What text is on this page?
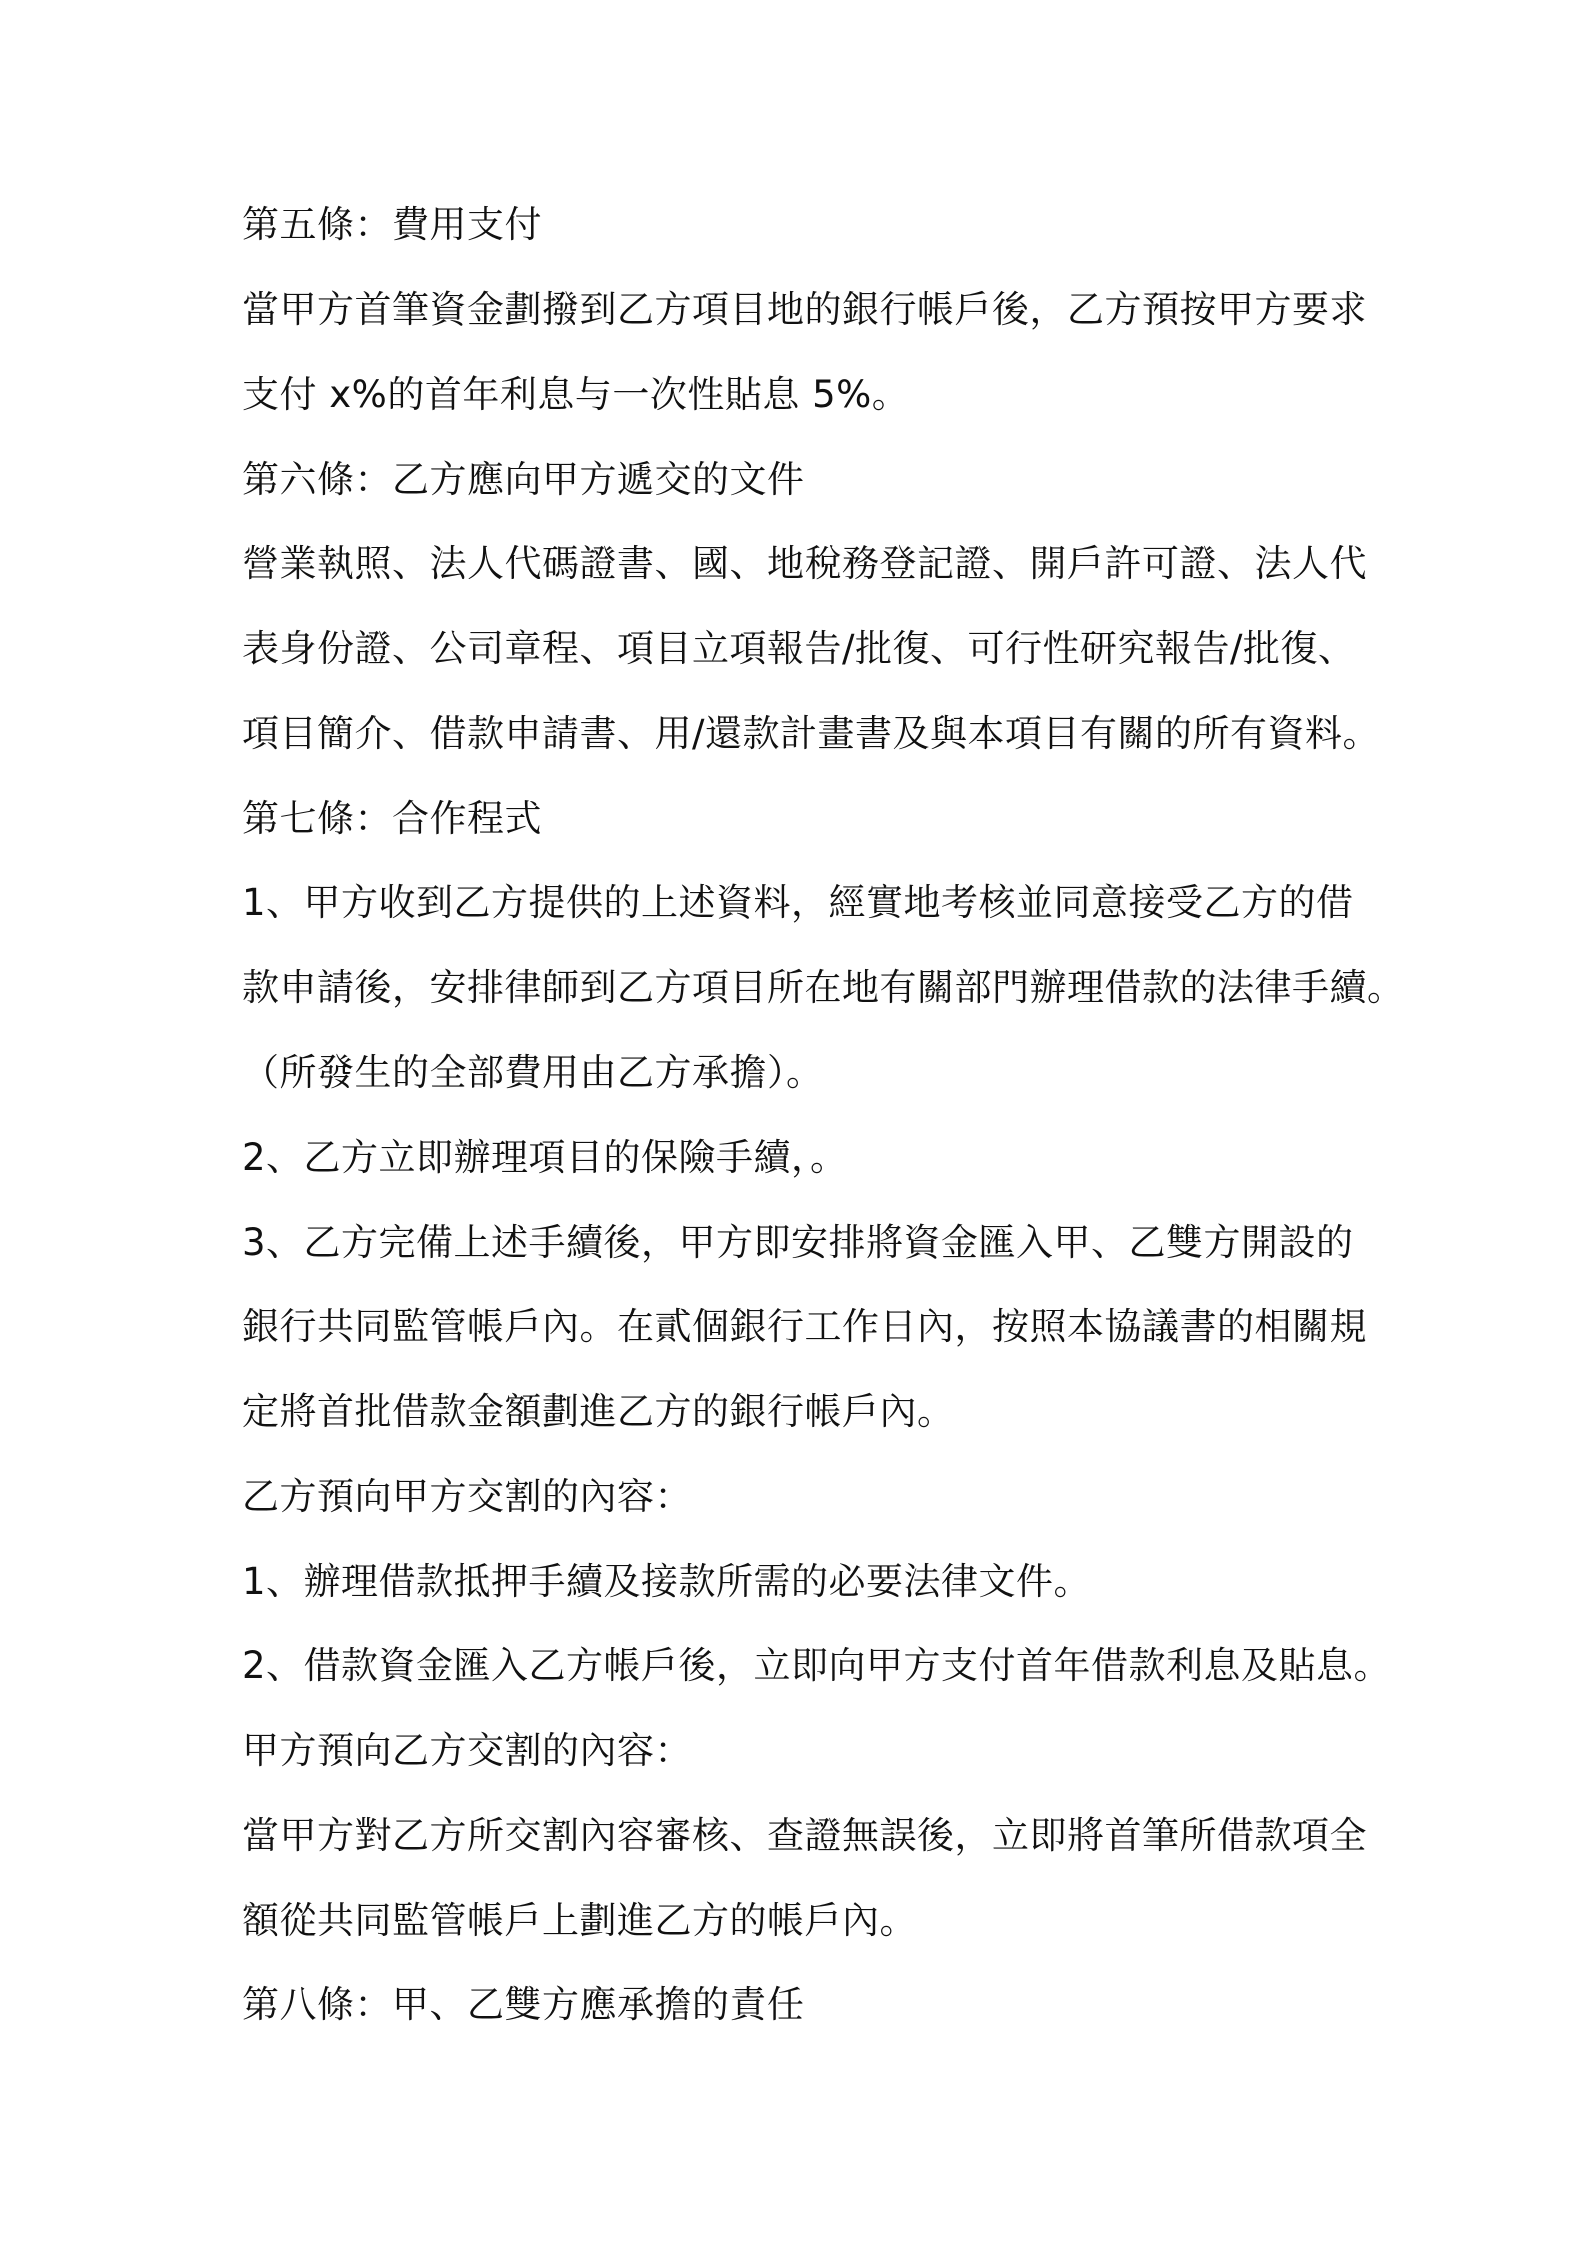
第五條：費用支付
當甲方首筆資金劃撥到乙方項目地的銀行帳戶後，乙方預按甲方要求
支付 x%的首年利息与一次性貼息 5%。
第六條：乙方應向甲方遞交的文件
營業執照、法人代碼證書、國、地稅務登記證、開戶許可證、法人代
表身份證、公司章程、項目立項報告/批復、可行性研究報告/批復、
項目簡介、借款申請書、用/還款計畫書及與本項目有關的所有資料。
第七條：合作程式
1、甲方收到乙方提供的上述資料，經實地考核並同意接受乙方的借
款申請後，安排律師到乙方項目所在地有關部門辦理借款的法律手續。
（所發生的全部費用由乙方承擔）。
2、乙方立即辦理項目的保險手續，。
3、乙方完備上述手續後，甲方即安排將資金匯入甲、乙雙方開設的
銀行共同監管帳戶內。在貳個銀行工作日內，按照本協議書的相關規
定將首批借款金額劃進乙方的銀行帳戶內。
乙方預向甲方交割的內容：
1、辦理借款抵押手續及接款所需的必要法律文件。
2、借款資金匯入乙方帳戶後，立即向甲方支付首年借款利息及貼息。
甲方預向乙方交割的內容：
當甲方對乙方所交割內容審核、查證無誤後，立即將首筆所借款項全
額從共同監管帳戶上劃進乙方的帳戶內。
第八條：甲、乙雙方應承擔的責任
